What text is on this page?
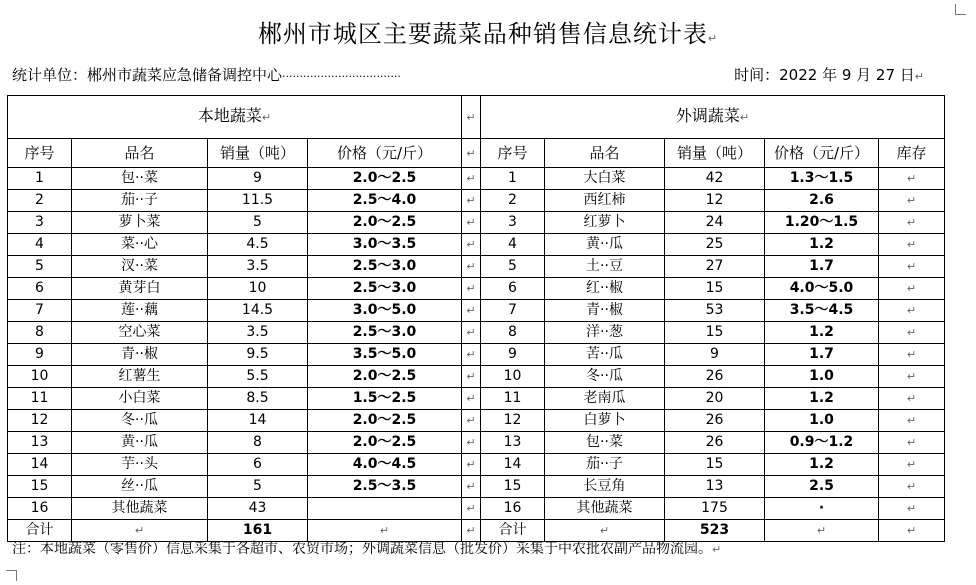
郴州市城区主要蔬菜品种销售信息统计表↵
统计单位：郴州市蔬菜应急储备调控中心··································	时间：2022 年 9 月 27 日↵
本地蔬菜↵				↵	外调蔬菜↵				
序号	品名	销量（吨）	价格（元/斤）	↵	序号	品名	销量（吨）	价格（元/斤）	库存
1	包··菜	9	2.0～2.5	↵	1	大白菜	42	1.3～1.5	↵
2	茄··子	11.5	2.5～4.0	↵	2	西红柿	12	2.6	↵
3	萝卜菜	5	2.0～2.5	↵	3	红萝卜	24	1.20～1.5	↵
4	菜··心	4.5	3.0～3.5	↵	4	黄··瓜	25	1.2	↵
5	汊··菜	3.5	2.5～3.0	↵	5	土··豆	27	1.7	↵
6	黄芽白	10	2.5～3.0	↵	6	红··椒	15	4.0～5.0	↵
7	莲··藕	14.5	3.0～5.0	↵	7	青··椒	53	3.5～4.5	↵
8	空心菜	3.5	2.5～3.0	↵	8	洋··葱	15	1.2	↵
9	青··椒	9.5	3.5～5.0	↵	9	苦··瓜	9	1.7	↵
10	红薯生	5.5	2.0～2.5	↵	10	冬··瓜	26	1.0	↵
11	小白菜	8.5	1.5～2.5	↵	11	老南瓜	20	1.2	↵
12	冬··瓜	14	2.0～2.5	↵	12	白萝卜	26	1.0	↵
13	黄··瓜	8	2.0～2.5	↵	13	包··菜	26	0.9～1.2	↵
14	芋··头	6	4.0～4.5	↵	14	茄··子	15	1.2	↵
15	丝··瓜	5	2.5～3.5	↵	15	长豆角	13	2.5	↵
16	其他蔬菜	43		↵	16	其他蔬菜	175	·	↵
合计	↵	161	↵	↵	合计	↵	523	↵	↵
注：本地蔬菜（零售价）信息采集于各超市、农贸市场；外调蔬菜信息（批发价）采集于中农批农副产品物流园。↵
